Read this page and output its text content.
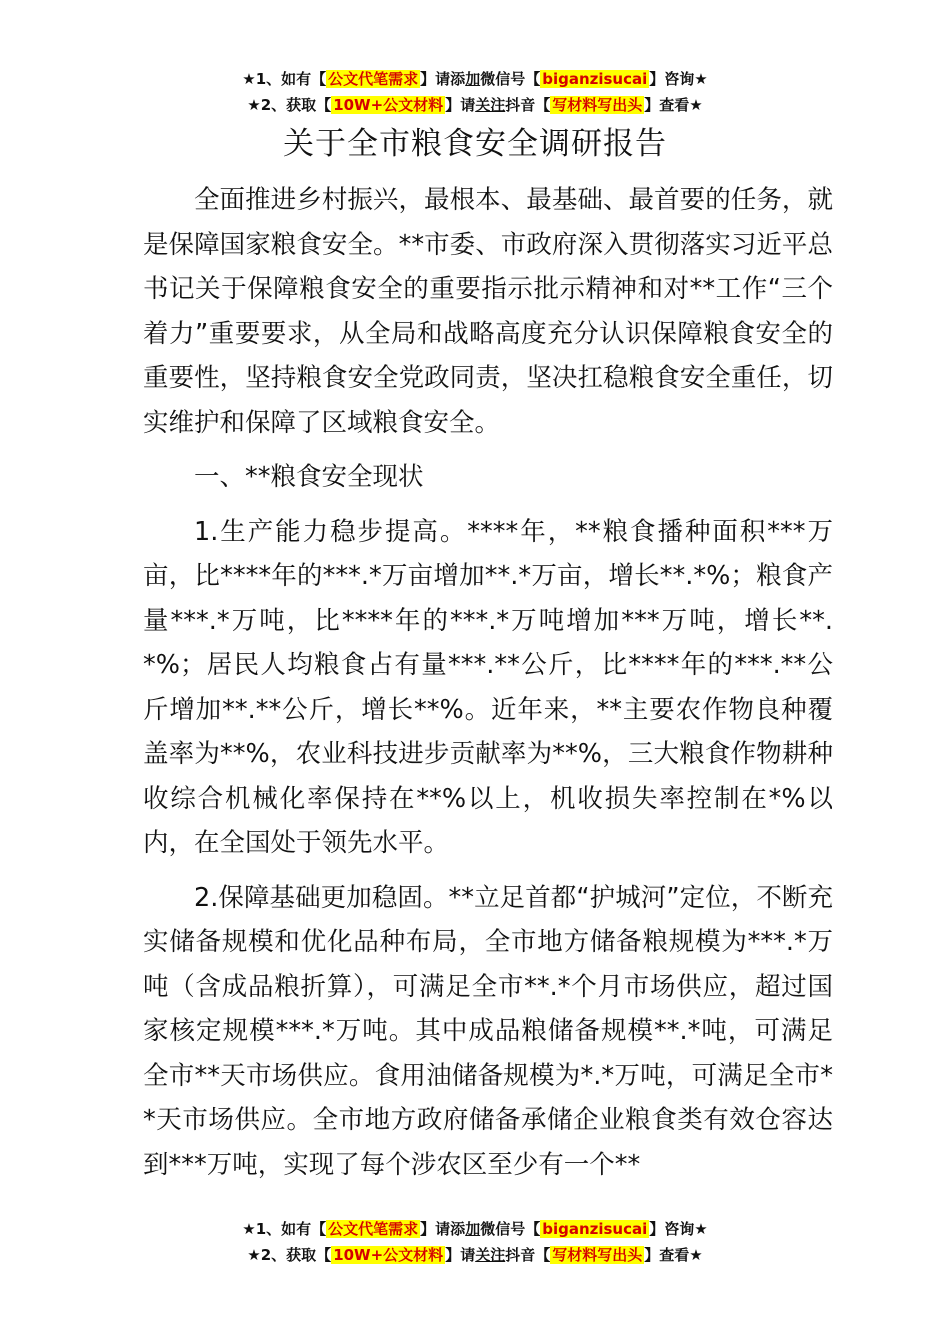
★1、如有【 公文代笔需求 】请添加微信号【 biganzisucai 】咨询★
★2、获取【 10W+公文材料 】请关注抖音【 写材料写出头 】查看★
关于全市粮食安全调研报告

全面推进乡村振兴，最根本、最基础、最首要的任务，就是保障国家粮食安全。**市委、市政府深入贯彻落实习近平总书记关于保障粮食安全的重要指示批示精神和对**工作“三个着力”重要要求，从全局和战略高度充分认识保障粮食安全的重要性，坚持粮食安全党政同责，坚决扛稳粮食安全重任，切实维护和保障了区域粮食安全。

一、**粮食安全现状

1.生产能力稳步提高。****年，**粮食播种面积***万亩，比****年的***.*万亩增加**.*万亩，增长**.*%；粮食产量***.*万吨，比****年的***.*万吨增加***万吨，增长**.*%；居民人均粮食占有量***.**公斤，比****年的***.**公斤增加**.**公斤，增长**%。近年来，**主要农作物良种覆盖率为**%，农业科技进步贡献率为**%，三大粮食作物耕种收综合机械化率保持在**%以上，机收损失率控制在*%以内，在全国处于领先水平。

2.保障基础更加稳固。**立足首都“护城河”定位，不断充实储备规模和优化品种布局，全市地方储备粮规模为***.*万吨（含成品粮折算），可满足全市**.*个月市场供应，超过国家核定规模***.*万吨。其中成品粮储备规模**.*吨，可满足全市**天市场供应。食用油储备规模为*.*万吨，可满足全市**天市场供应。全市地方政府储备承储企业粮食类有效仓容达到***万吨，实现了每个涉农区至少有一个**

★1、如有【 公文代笔需求 】请添加微信号【 biganzisucai 】咨询★
★2、获取【 10W+公文材料 】请关注抖音【 写材料写出头 】查看★
